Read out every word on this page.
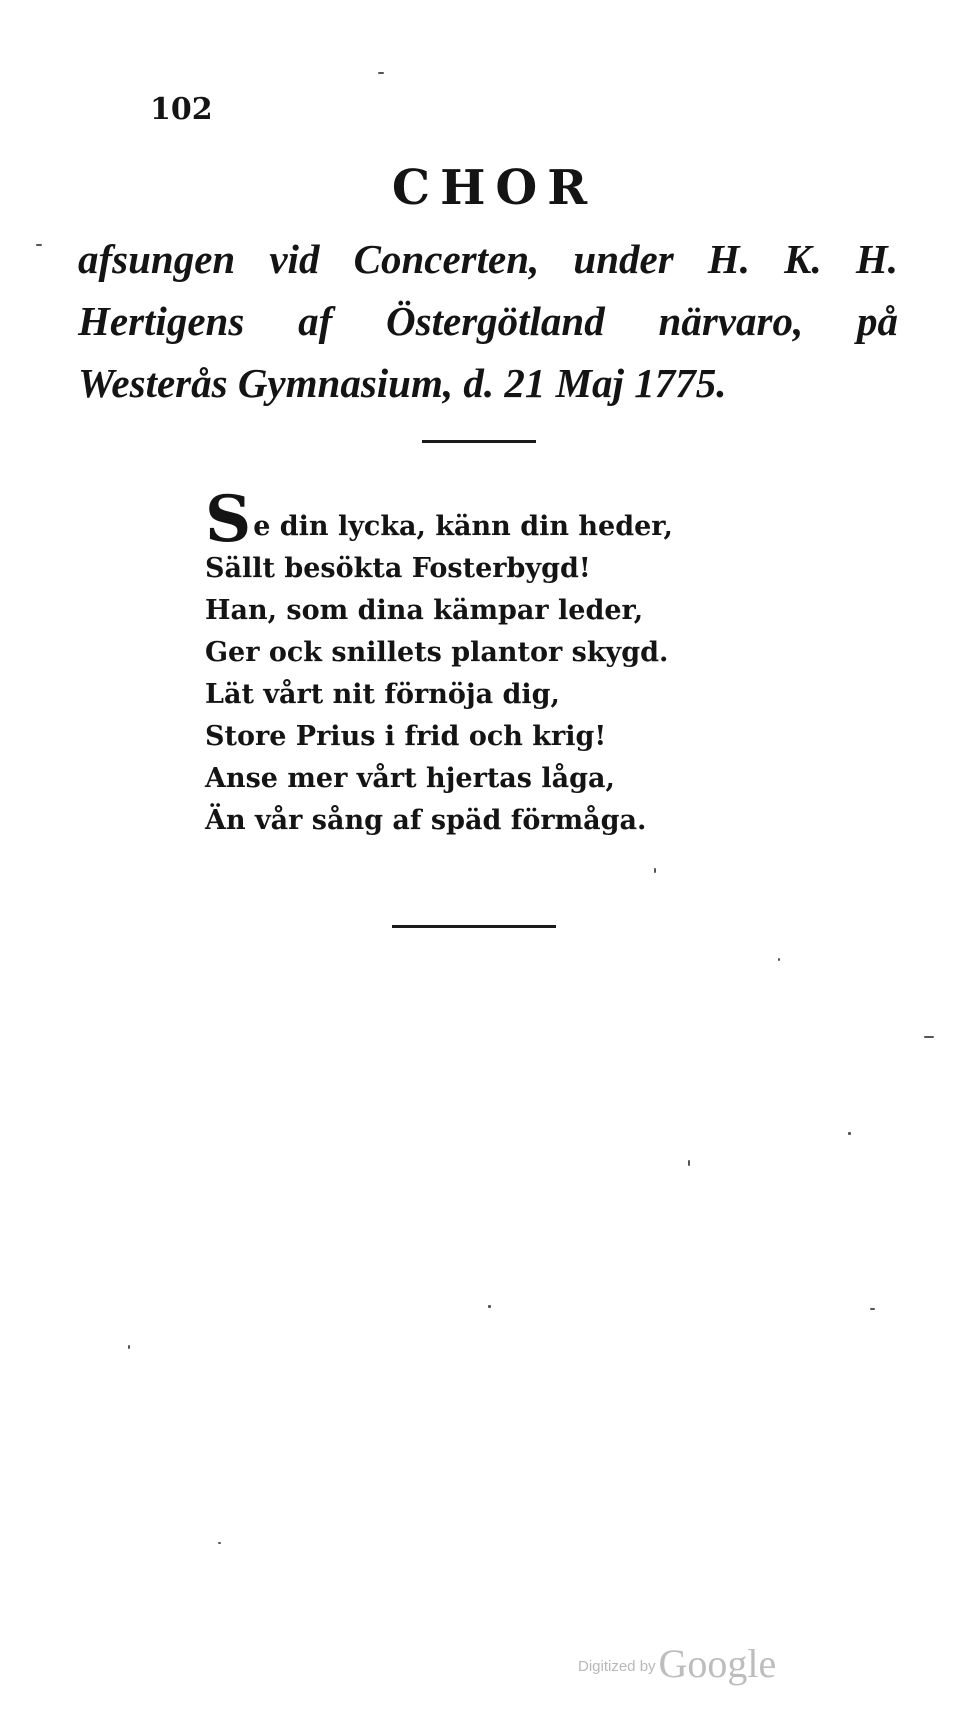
102
CHOR
afsungen vid Concerten, under H. K. H.
Hertigens af Östergötland närvaro, på
Westerås Gymnasium, d. 21 Maj 1775.
Se din lycka, känn din heder,
Sällt besökta Fosterbygd!
Han, som dina kämpar leder,
Ger ock snillets plantor skygd.
Lät vårt nit förnöja dig,
Store Prius i frid och krig!
Anse mer vårt hjertas låga,
Än vår sång af späd förmåga.
Digitized byGoogle
